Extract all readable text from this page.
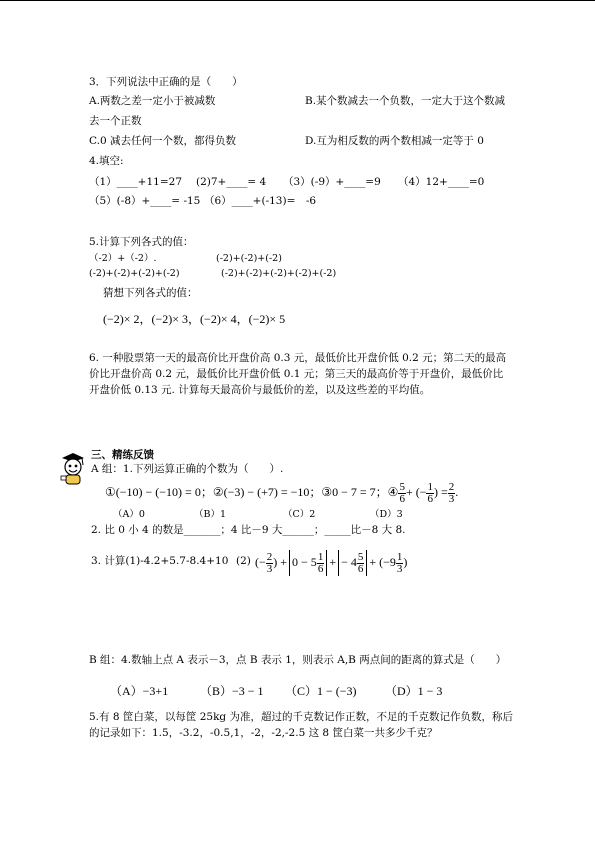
3．下列说法中正确的是（　　）
A.两数之差一定小于被减数	B.某个数减去一个负数，一定大于这个数减
去一个正数
C.0 减去任何一个数，都得负数	D.互为相反数的两个数相减一定等于 0
4.填空:
（1）____+11=27 (2)7+____= 4 （3）(-9）+____=9 （4）12+____=0
（5）(-8）+____= -15 （6）____+(-13)=　-6
5.计算下列各式的值：
（-2）+（-2）.	(-2)+(-2)+(-2)
(-2)+(-2)+(-2)+(-2)	(-2)+(-2)+(-2)+(-2)+(-2)
猜想下列各式的值：
(−2)× 2，(−2)× 3，(−2)× 4，(−2)× 5
6. 一种股票第一天的最高价比开盘价高 0.3 元，最低价比开盘价低 0.2 元；第二天的最高
价比开盘价高 0.2 元，最低价比开盘价低 0.1 元；第三天的最高价等于开盘价，最低价比
开盘价低 0.13 元. 计算每天最高价与最低价的差，以及这些差的平均值。
三、精练反馈
A 组：1.下列运算正确的个数为（　　）.
①(−10) − (−10) = 0；②(−3) − (+7) = −10；③0 − 7 = 7；④ $\frac{5}{6}$ + (− $\frac{1}{6}$ ) = $\frac{2}{3}$ .
（A）0	（B）1	（C）2	（D）3
2. 比 0 小 4 的数是_______；4 比－9 大______；_____比－8 大 8.
3. 计算(1)-4.2+5.7-8.4+10 (2) (− $\frac{2}{3}$ ) + $0 - 5 \frac{1}{6}$ + − $4 \frac{5}{6} + (-9 \frac{1}{3}$ )
B 组：4.数轴上点 A 表示－3，点 B 表示 1，则表示 A,B 两点间的距离的算式是（　　）
（A）−3+1	（B）−3 − 1 （C）1 − (−3) （D）1 − 3
5.有 8 筐白菜，以每筐 25kg 为准，超过的千克数记作正数，不足的千克数记作负数，称后
的记录如下：1.5，-3.2，-0.5,1，-2，-2,-2.5 这 8 筐白菜一共多少千克？
